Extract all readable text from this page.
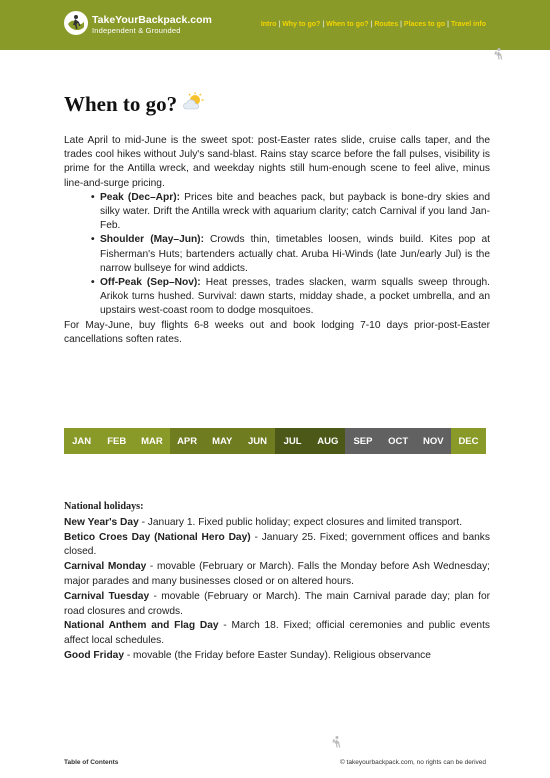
TakeYourBackpack.com
Independent & Grounded
Intro | Why to go? | When to go? | Routes | Places to go | Travel info
When to go?

Late April to mid-June is the sweet spot: post-Easter rates slide, cruise calls taper, and the trades cool hikes without July's sand-blast. Rains stay scarce before the fall pulses, visibility is prime for the Antilla wreck, and weekday nights still hum-enough scene to feel alive, minus line-and-surge pricing.

• Peak (Dec–Apr): Prices bite and beaches pack, but payback is bone-dry skies and silky water. Drift the Antilla wreck with aquarium clarity; catch Carnival if you land Jan-Feb.
• Shoulder (May–Jun): Crowds thin, timetables loosen, winds build. Kites pop at Fisherman's Huts; bartenders actually chat. Aruba Hi-Winds (late Jun/early Jul) is the narrow bullseye for wind addicts.
• Off-Peak (Sep–Nov): Heat presses, trades slacken, warm squalls sweep through. Arikok turns hushed. Survival: dawn starts, midday shade, a pocket umbrella, and an upstairs west-coast room to dodge mosquitoes.

For May-June, buy flights 6-8 weeks out and book lodging 7-10 days prior-post-Easter cancellations soften rates.

JAN	FEB	MAR	APR	MAY	JUN	JUL	AUG	SEP	OCT	NOV	DEC
National holidays:

New Year's Day - January 1. Fixed public holiday; expect closures and limited transport.

Betico Croes Day (National Hero Day) - January 25. Fixed; government offices and banks closed.

Carnival Monday - movable (February or March). Falls the Monday before Ash Wednesday; major parades and many businesses closed or on altered hours.

Carnival Tuesday - movable (February or March). The main Carnival parade day; plan for road closures and crowds.

National Anthem and Flag Day - March 18. Fixed; official ceremonies and public events affect local schedules.

Good Friday - movable (the Friday before Easter Sunday). Religious observance

Table of Contents	© takeyourbackpack.com, no rights can be derived
